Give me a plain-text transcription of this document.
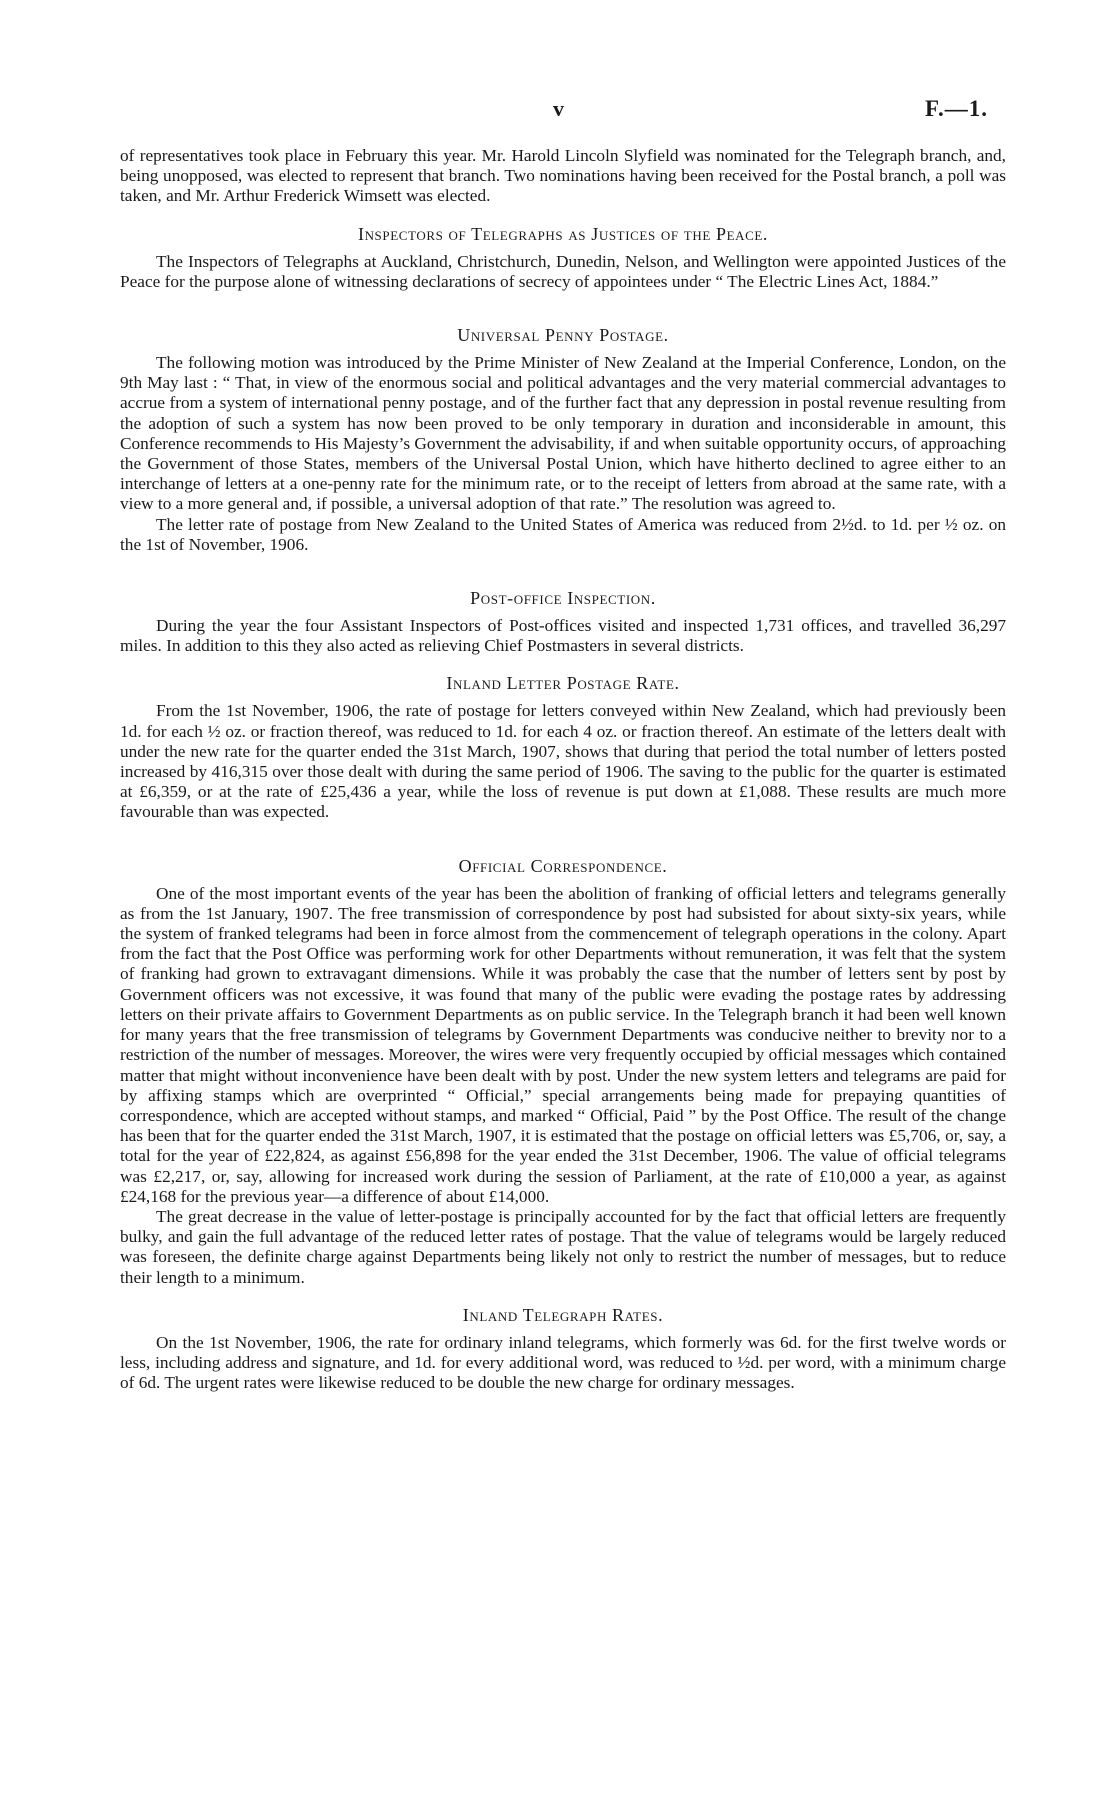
v	F.—1.

of representatives took place in February this year. Mr. Harold Lincoln Slyfield was nominated for the Telegraph branch, and, being unopposed, was elected to represent that branch. Two nominations having been received for the Postal branch, a poll was taken, and Mr. Arthur Frederick Wimsett was elected.

Inspectors of Telegraphs as Justices of the Peace.

The Inspectors of Telegraphs at Auckland, Christchurch, Dunedin, Nelson, and Wellington were appointed Justices of the Peace for the purpose alone of witnessing declarations of secrecy of appointees under “ The Electric Lines Act, 1884.”

Universal Penny Postage.

The following motion was introduced by the Prime Minister of New Zealand at the Imperial Conference, London, on the 9th May last : “ That, in view of the enormous social and political advantages and the very material commercial advantages to accrue from a system of international penny postage, and of the further fact that any depression in postal revenue resulting from the adoption of such a system has now been proved to be only temporary in duration and inconsiderable in amount, this Conference recommends to His Majesty’s Government the advisability, if and when suitable opportunity occurs, of approaching the Government of those States, members of the Universal Postal Union, which have hitherto declined to agree either to an interchange of letters at a one-penny rate for the minimum rate, or to the receipt of letters from abroad at the same rate, with a view to a more general and, if possible, a universal adoption of that rate.” The resolution was agreed to.

The letter rate of postage from New Zealand to the United States of America was reduced from 2½d. to 1d. per ½ oz. on the 1st of November, 1906.

Post-office Inspection.

During the year the four Assistant Inspectors of Post-offices visited and inspected 1,731 offices, and travelled 36,297 miles. In addition to this they also acted as relieving Chief Postmasters in several districts.

Inland Letter Postage Rate.

From the 1st November, 1906, the rate of postage for letters conveyed within New Zealand, which had previously been 1d. for each ½ oz. or fraction thereof, was reduced to 1d. for each 4 oz. or fraction thereof. An estimate of the letters dealt with under the new rate for the quarter ended the 31st March, 1907, shows that during that period the total number of letters posted increased by 416,315 over those dealt with during the same period of 1906. The saving to the public for the quarter is estimated at £6,359, or at the rate of £25,436 a year, while the loss of revenue is put down at £1,088. These results are much more favourable than was expected.

Official Correspondence.

One of the most important events of the year has been the abolition of franking of official letters and telegrams generally as from the 1st January, 1907. The free transmission of correspondence by post had subsisted for about sixty-six years, while the system of franked telegrams had been in force almost from the commencement of telegraph operations in the colony. Apart from the fact that the Post Office was performing work for other Departments without remuneration, it was felt that the system of franking had grown to extravagant dimensions. While it was probably the case that the number of letters sent by post by Government officers was not excessive, it was found that many of the public were evading the postage rates by addressing letters on their private affairs to Government Departments as on public service. In the Telegraph branch it had been well known for many years that the free transmission of telegrams by Government Departments was conducive neither to brevity nor to a restriction of the number of messages. Moreover, the wires were very frequently occupied by official messages which contained matter that might without inconvenience have been dealt with by post. Under the new system letters and telegrams are paid for by affixing stamps which are overprinted “ Official,” special arrangements being made for prepaying quantities of correspondence, which are accepted without stamps, and marked “ Official, Paid ” by the Post Office. The result of the change has been that for the quarter ended the 31st March, 1907, it is estimated that the postage on official letters was £5,706, or, say, a total for the year of £22,824, as against £56,898 for the year ended the 31st December, 1906. The value of official telegrams was £2,217, or, say, allowing for increased work during the session of Parliament, at the rate of £10,000 a year, as against £24,168 for the previous year—a difference of about £14,000.

The great decrease in the value of letter-postage is principally accounted for by the fact that official letters are frequently bulky, and gain the full advantage of the reduced letter rates of postage. That the value of telegrams would be largely reduced was foreseen, the definite charge against Departments being likely not only to restrict the number of messages, but to reduce their length to a minimum.

Inland Telegraph Rates.

On the 1st November, 1906, the rate for ordinary inland telegrams, which formerly was 6d. for the first twelve words or less, including address and signature, and 1d. for every additional word, was reduced to ½d. per word, with a minimum charge of 6d. The urgent rates were likewise reduced to be double the new charge for ordinary messages.
